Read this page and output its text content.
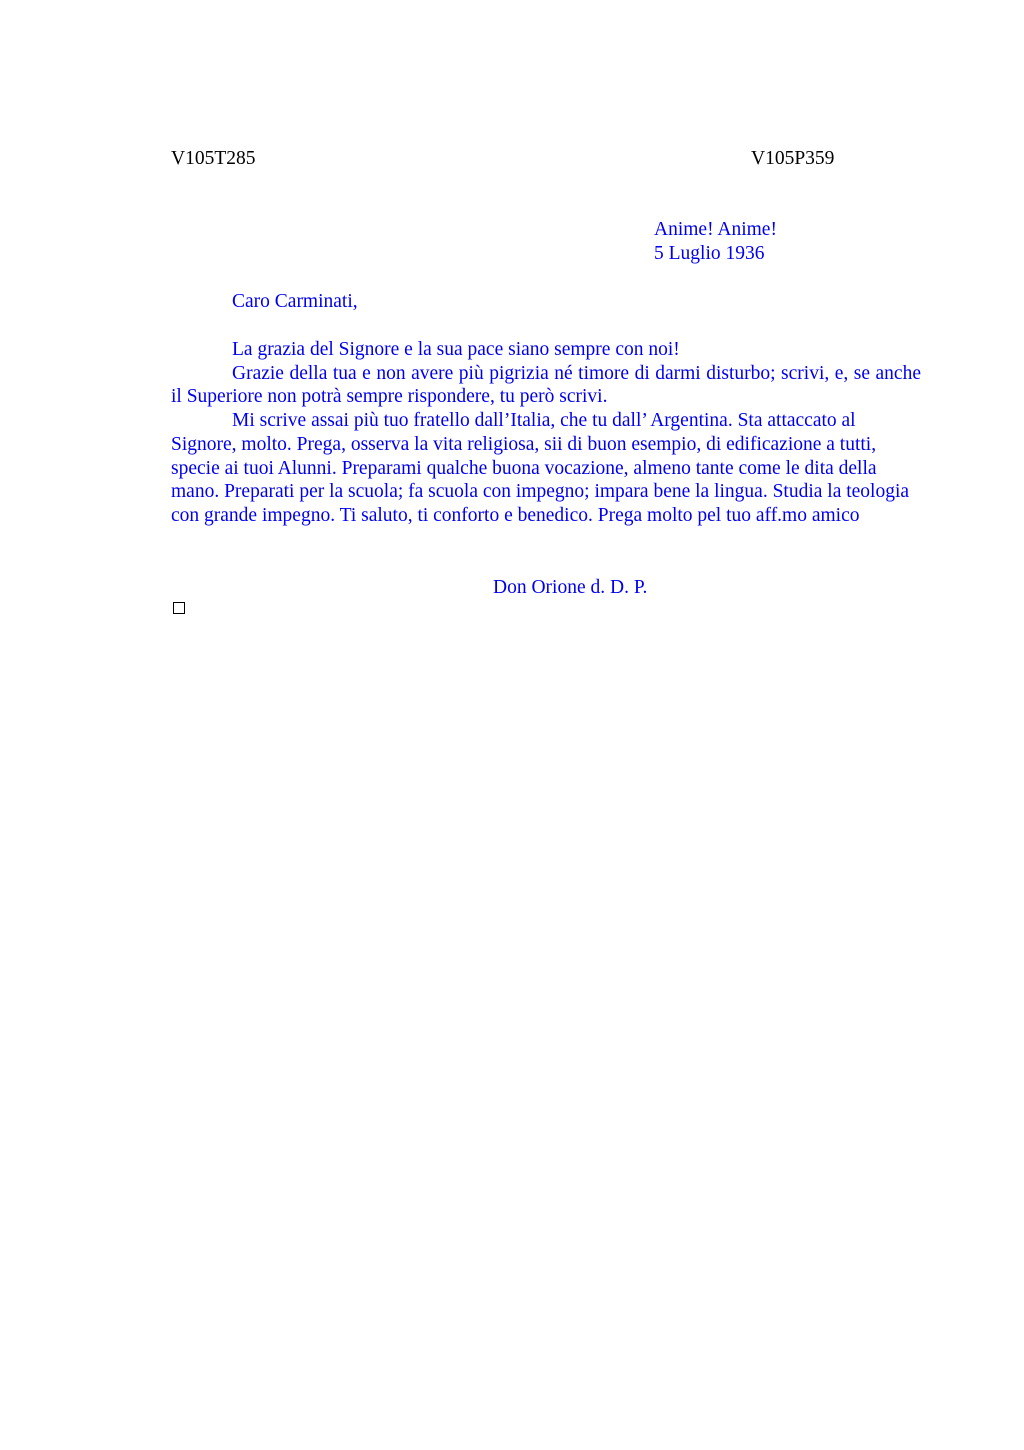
V105T285	V105P359

Anime! Anime!
5 Luglio 1936

Caro Carminati,

La grazia del Signore e la sua pace siano sempre con noi!

Grazie della tua e non avere più pigrizia né timore di darmi disturbo; scrivi, e, se anche il Superiore non potrà sempre rispondere, tu però scrivi.

Mi scrive assai più tuo fratello dall’Italia, che tu dall’ Argentina. Sta attaccato al Signore, molto. Prega, osserva la vita religiosa, sii di buon esempio, di edificazione a tutti, specie ai tuoi Alunni. Preparami qualche buona vocazione, almeno tante come le dita della mano. Preparati per la scuola; fa scuola con impegno; impara bene la lingua. Studia la teologia con grande impegno. Ti saluto, ti conforto e benedico. Prega molto pel tuo aff.mo amico

Don Orione d. D. P.
